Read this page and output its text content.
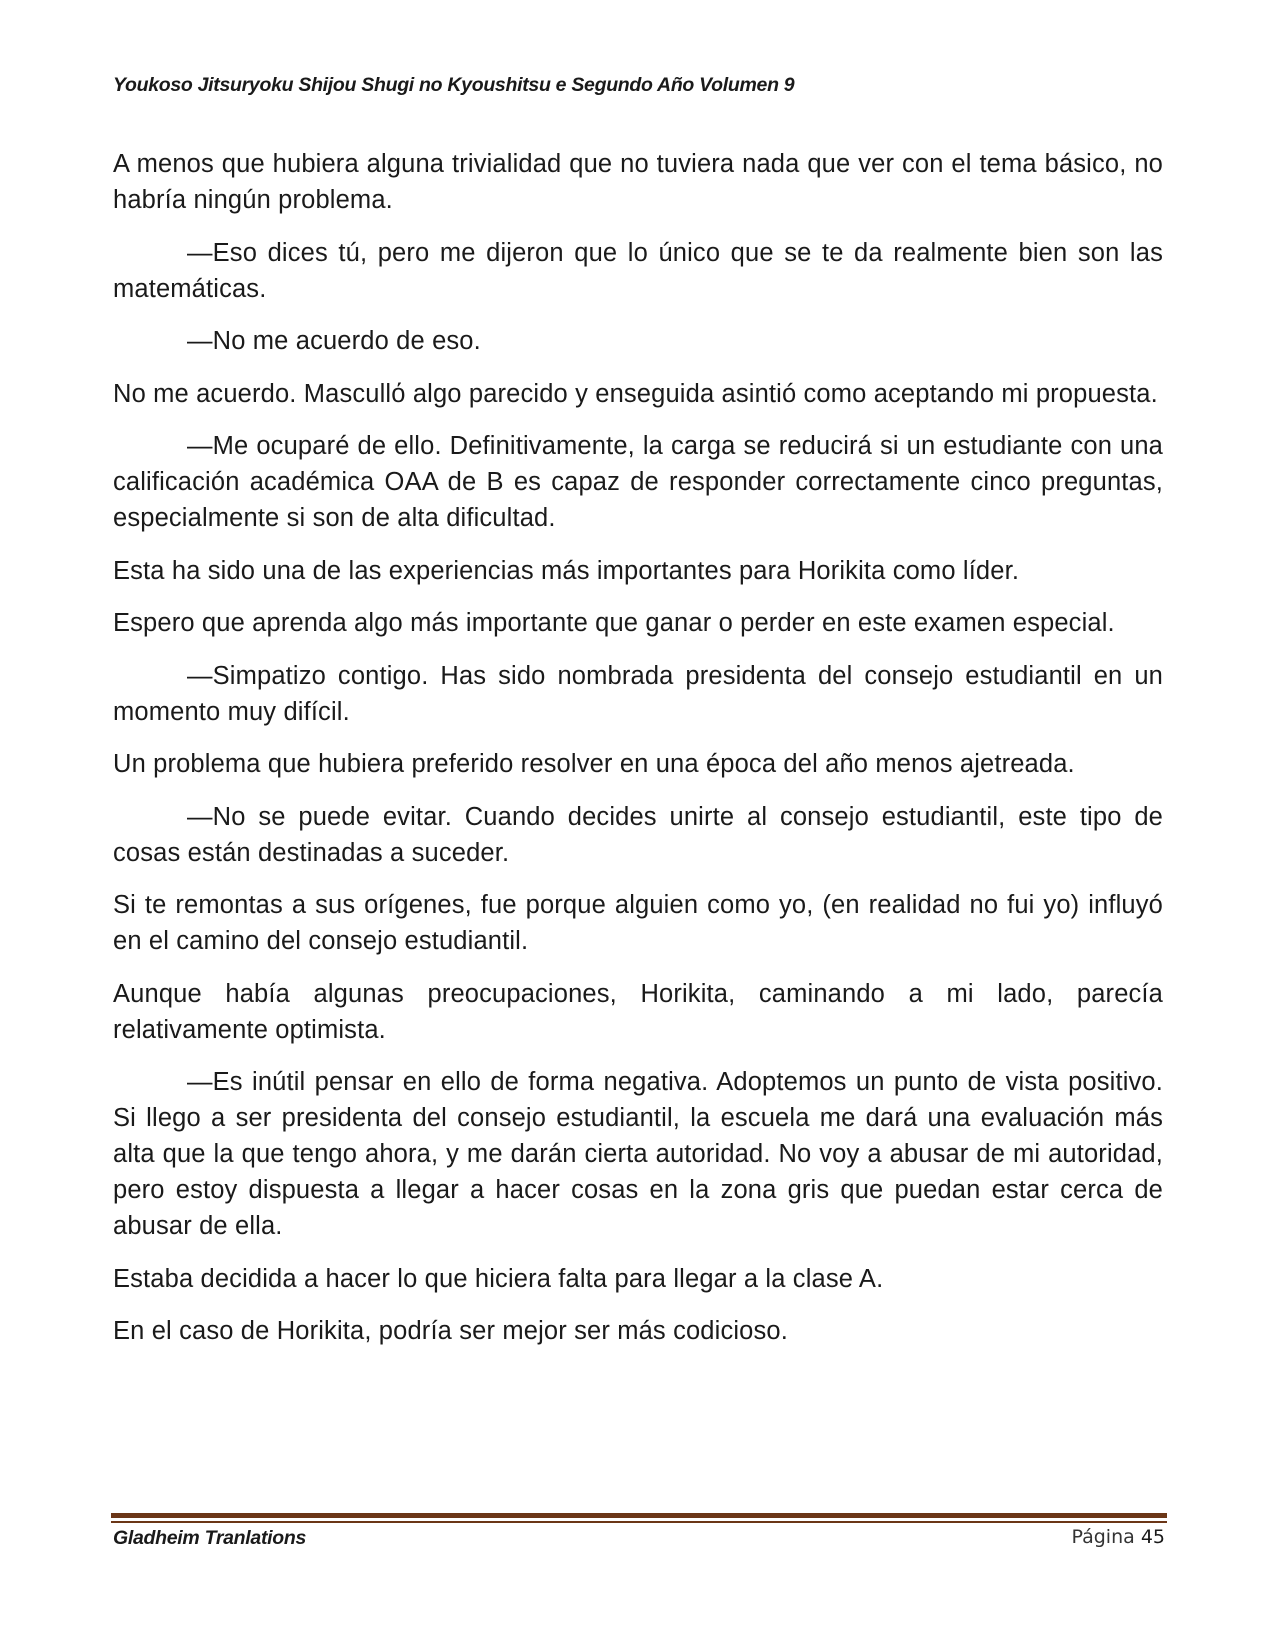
Youkoso Jitsuryoku Shijou Shugi no Kyoushitsu e Segundo Año Volumen 9

A menos que hubiera alguna trivialidad que no tuviera nada que ver con el tema básico, no habría ningún problema.

—Eso dices tú, pero me dijeron que lo único que se te da realmente bien son las matemáticas.

—No me acuerdo de eso.

No me acuerdo. Mascullό algo parecido y enseguida asintió como aceptando mi propuesta.

—Me ocuparé de ello. Definitivamente, la carga se reducirá si un estudiante con una calificación académica OAA de B es capaz de responder correctamente cinco preguntas, especialmente si son de alta dificultad.

Esta ha sido una de las experiencias más importantes para Horikita como líder.

Espero que aprenda algo más importante que ganar o perder en este examen especial.

—Simpatizo contigo. Has sido nombrada presidenta del consejo estudiantil en un momento muy difícil.

Un problema que hubiera preferido resolver en una época del año menos ajetreada.

—No se puede evitar. Cuando decides unirte al consejo estudiantil, este tipo de cosas están destinadas a suceder.

Si te remontas a sus orígenes, fue porque alguien como yo, (en realidad no fui yo) influyó en el camino del consejo estudiantil.

Aunque había algunas preocupaciones, Horikita, caminando a mi lado, parecía relativamente optimista.

—Es inútil pensar en ello de forma negativa. Adoptemos un punto de vista positivo. Si llego a ser presidenta del consejo estudiantil, la escuela me dará una evaluación más alta que la que tengo ahora, y me darán cierta autoridad. No voy a abusar de mi autoridad, pero estoy dispuesta a llegar a hacer cosas en la zona gris que puedan estar cerca de abusar de ella.

Estaba decidida a hacer lo que hiciera falta para llegar a la clase A.

En el caso de Horikita, podría ser mejor ser más codicioso.

Gladheim Tranlations	Página 45
